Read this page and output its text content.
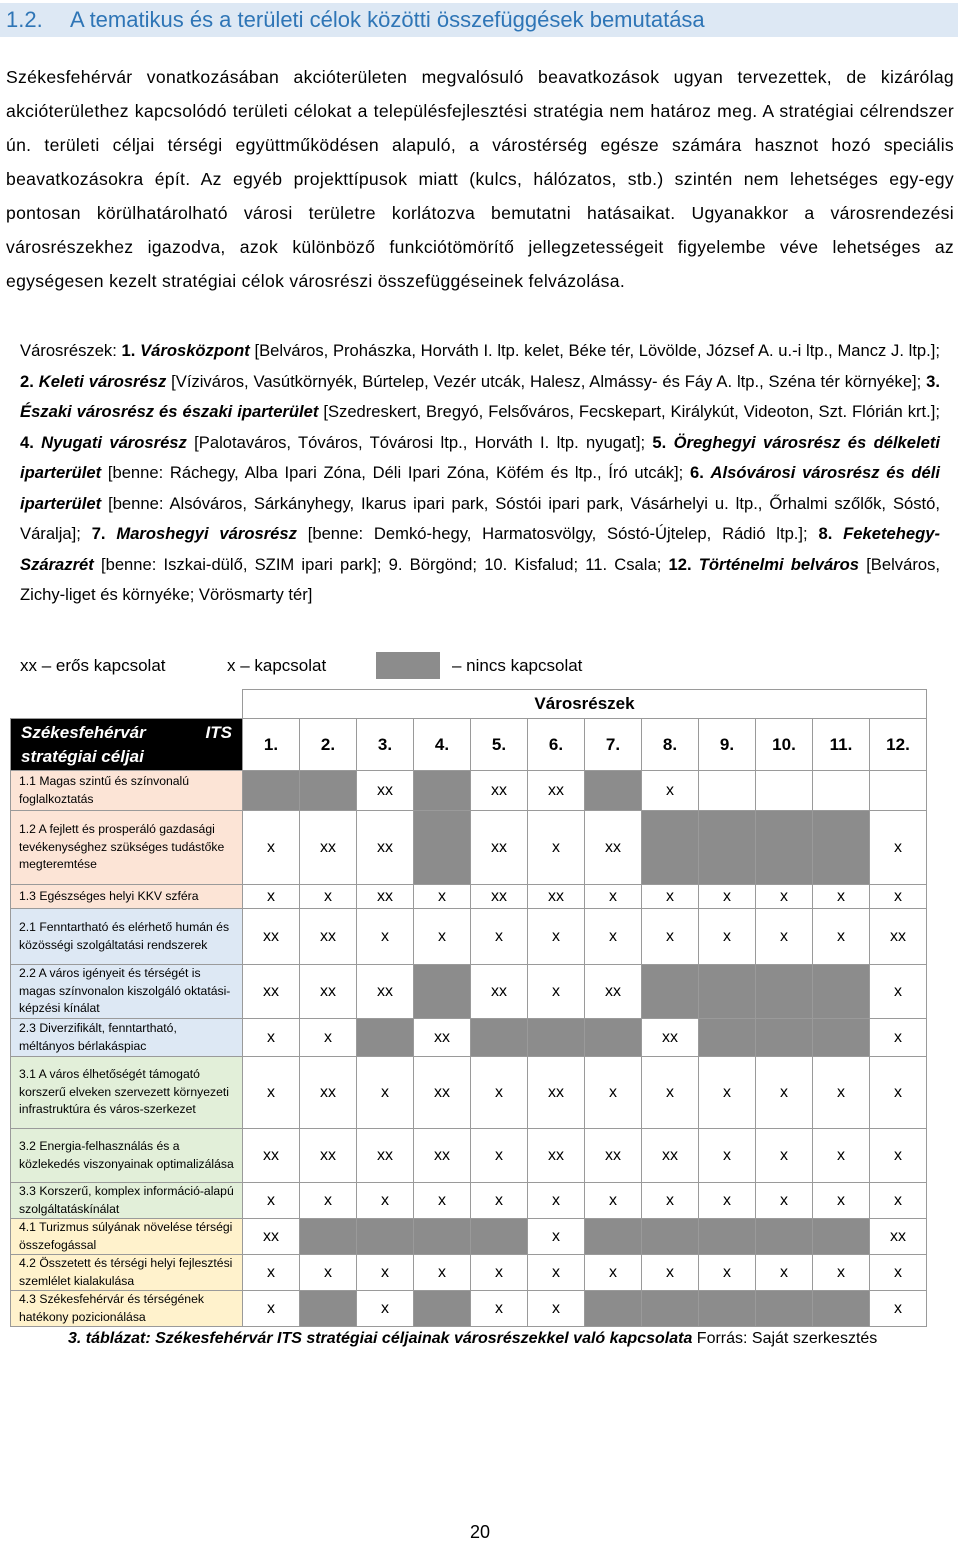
1.2.	A tematikus és a területi célok közötti összefüggések bemutatása
Székesfehérvár vonatkozásában akcióterületen megvalósuló beavatkozások ugyan tervezettek, de kizárólag akcióterülethez kapcsolódó területi célokat a településfejlesztési stratégia nem határoz meg. A stratégiai célrendszer ún. területi céljai térségi együttműködésen alapuló, a várostérség egésze számára hasznot hozó speciális beavatkozásokra épít. Az egyéb projekttípusok miatt (kulcs, hálózatos, stb.) szintén nem lehetséges egy-egy pontosan körülhatárolható városi területre korlátozva bemutatni hatásaikat. Ugyanakkor a városrendezési városrészekhez igazodva, azok különböző funkciótömörítő jellegzetességeit figyelembe véve lehetséges az egységesen kezelt stratégiai célok városrészi összefüggéseinek felvázolása.
Városrészek: 1. Városközpont [Belváros, Prohászka, Horváth I. ltp. kelet, Béke tér, Lövölde, József A. u.-i ltp., Mancz J. ltp.]; 2. Keleti városrész [Víziváros, Vasútkörnyék, Búrtelep, Vezér utcák, Halesz, Almássy- és Fáy A. ltp., Széna tér környéke]; 3. Északi városrész és északi iparterület [Szedreskert, Bregyó, Felsőváros, Fecskepart, Királykút, Videoton, Szt. Flórián krt.]; 4. Nyugati városrész [Palotaváros, Tóváros, Tóvárosi ltp., Horváth I. ltp. nyugat]; 5. Öreghegyi városrész és délkeleti iparterület [benne: Ráchegy, Alba Ipari Zóna, Déli Ipari Zóna, Köfém és ltp., Író utcák]; 6. Alsóvárosi városrész és déli iparterület [benne: Alsóváros, Sárkányhegy, Ikarus ipari park, Sóstói ipari park, Vásárhelyi u. ltp., Őrhalmi szőlők, Sóstó, Váralja]; 7. Maroshegyi városrész [benne: Demkó-hegy, Harmatosvölgy, Sóstó-Újtelep, Rádió ltp.]; 8. Feketehegy-Szárazrét [benne: Iszkai-dülő, SZIM ipari park]; 9. Börgönd; 10. Kisfalud; 11. Csala; 12. Történelmi belváros [Belváros, Zichy-liget és környéke; Vörösmarty tér]
xx – erős kapcsolat	x – kapcsolat	– nincs kapcsolat
	Városrészek											

Székesfehérvár ITS
stratégiai céljai	1.	2.	3.	4.	5.	6.	7.	8.	9.	10.	11.	12.
1.1 Magas szintű és színvonalú foglalkoztatás			xx		xx	xx		x				
1.2 A fejlett és prosperáló gazdasági tevékenységhez szükséges tudástőke megteremtése	x	xx	xx		xx	x	xx					x
1.3 Egészséges helyi KKV szféra	x	x	xx	x	xx	xx	x	x	x	x	x	x
2.1 Fenntartható és elérhető humán és közösségi szolgáltatási rendszerek	xx	xx	x	x	x	x	x	x	x	x	x	xx
2.2 A város igényeit és térségét is magas színvonalon kiszolgáló oktatási-képzési kínálat	xx	xx	xx		xx	x	xx					x
2.3 Diverzifikált, fenntartható, méltányos bérlakáspiac	x	x		xx				xx				x
3.1 A város élhetőségét támogató korszerű elveken szervezett környezeti infrastruktúra és város-szerkezet	x	xx	x	xx	x	xx	x	x	x	x	x	x
3.2 Energia-felhasználás és a közlekedés viszonyainak optimalizálása	xx	xx	xx	xx	x	xx	xx	xx	x	x	x	x
3.3 Korszerű, komplex információ-alapú szolgáltatáskínálat	x	x	x	x	x	x	x	x	x	x	x	x
4.1 Turizmus súlyának növelése térségi összefogással	xx					x						xx
4.2 Összetett és térségi helyi fejlesztési szemlélet kialakulása	x	x	x	x	x	x	x	x	x	x	x	x
4.3 Székesfehérvár és térségének hatékony pozicionálása	x		x		x	x						x
3. táblázat: Székesfehérvár ITS stratégiai céljainak városrészekkel való kapcsolata Forrás: Saját szerkesztés
20
